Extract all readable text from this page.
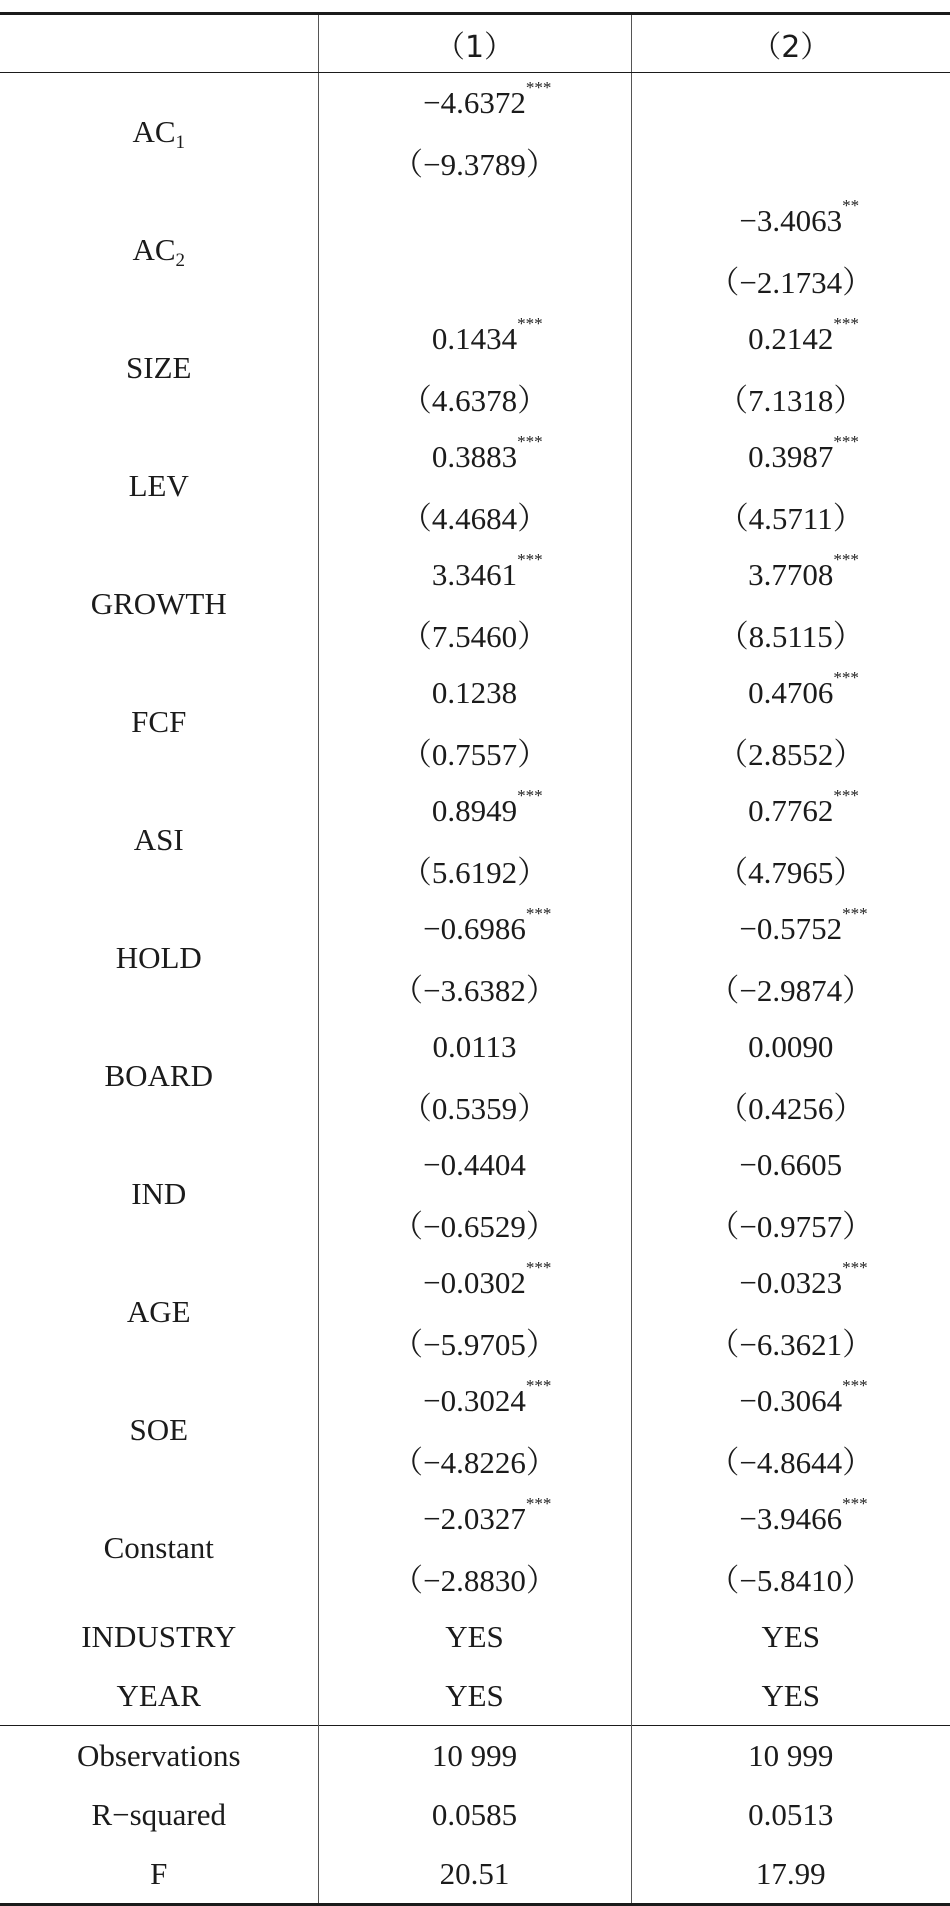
	（1）	（2）
$AC_1$	−4.6372 ***	

	（−9.3789）	
$AC_2$		−3.4063 **

		（−2.1734）
SIZE	0.1434 ***	0.2142 ***

	（4.6378）	（7.1318）
LEV	0.3883 ***	0.3987 ***

	（4.4684）	（4.5711）
GROWTH	3.3461 ***	3.7708 ***

	（7.5460）	（8.5115）
FCF	0.1238	0.4706 ***

	（0.7557）	（2.8552）
ASI	0.8949 ***	0.7762 ***

	（5.6192）	（4.7965）
HOLD	−0.6986 ***	−0.5752 ***

	（−3.6382）	（−2.9874）
BOARD	0.0113	0.0090

	（0.5359）	（0.4256）
IND	−0.4404	−0.6605

	（−0.6529）	（−0.9757）
AGE	−0.0302 ***	−0.0323 ***

	（−5.9705）	（−6.3621）
SOE	−0.3024 ***	−0.3064 ***

	（−4.8226）	（−4.8644）
Constant	−2.0327 ***	−3.9466 ***

	（−2.8830）	（−5.8410）
INDUSTRY	YES	YES
YEAR	YES	YES
Observations	10 999	10 999
R−squared	0.0585	0.0513
F	20.51	17.99
